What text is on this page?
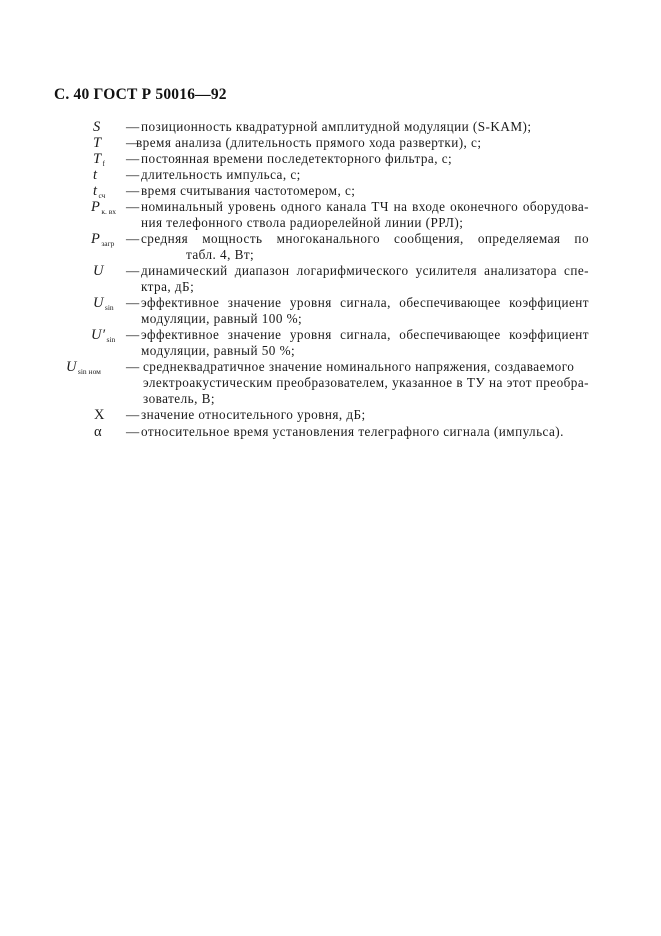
С. 40 ГОСТ Р 50016—92
S — позиционность квадратурной амплитудной модуляции (S-KAM);
T —
время анализа (длительность прямого хода развертки), с;
$T_f$ — постоянная времени последетекторного фильтра, с;
t — длительность импульса, с;
$t_{сч}$ — время считывания частотомером, с;
$P_{к. вх}$ — номинальный уровень одного канала ТЧ на входе оконечного оборудова-
ния телефонного ствола радиорелейной линии (РРЛ);
$P_{загр}$ — средняя мощность многоканального сообщения, определяемая по
табл. 4, Вт;
U — динамический диапазон логарифмического усилителя анализатора спе-
ктра, дБ;
$U_{sin}$ — эффективное значение уровня сигнала, обеспечивающее коэффициент
модуляции, равный 100 %;
$U'_{sin}$ — эффективное значение уровня сигнала, обеспечивающее коэффициент
модуляции, равный 50 %;
$U_{sin ном}$ — среднеквадратичное значение номинального напряжения, создаваемого
электроакустическим преобразователем, указанное в ТУ на этот преобра-
зователь, В;
X — значение относительного уровня, дБ;
α — относительное время установления телеграфного сигнала (импульса).
